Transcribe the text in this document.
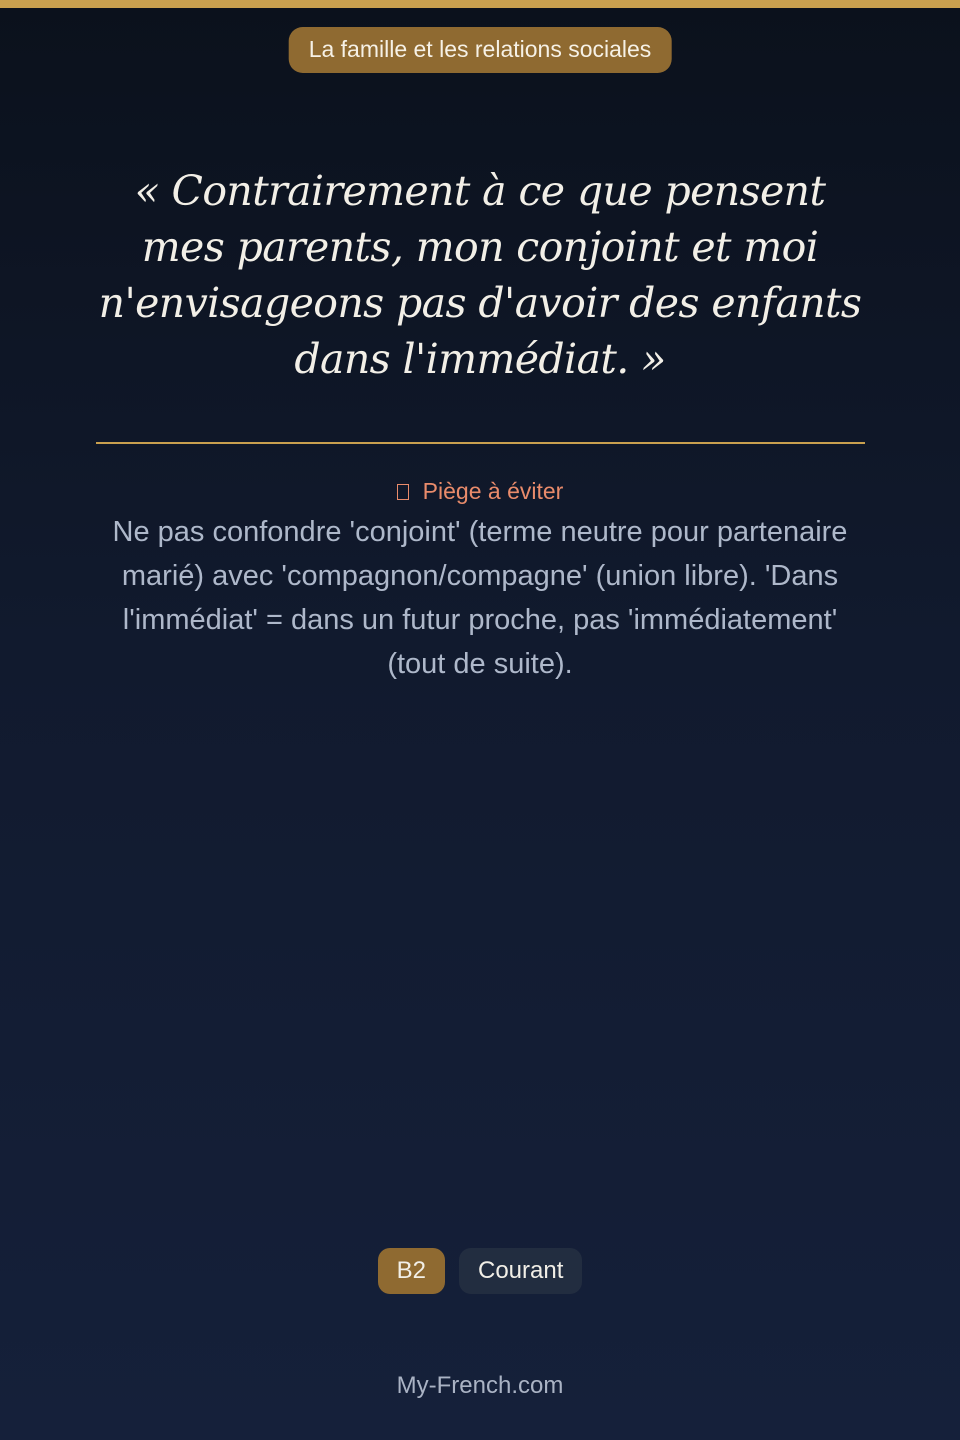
La famille et les relations sociales

« Contrairement à ce que pensent mes parents, mon conjoint et moi n'envisageons pas d'avoir des enfants dans l'immédiat. »

Piège à éviter
Ne pas confondre 'conjoint' (terme neutre pour partenaire marié) avec 'compagnon/compagne' (union libre). 'Dans l'immédiat' = dans un futur proche, pas 'immédiatement' (tout de suite).
B2	Courant
My-French.com
